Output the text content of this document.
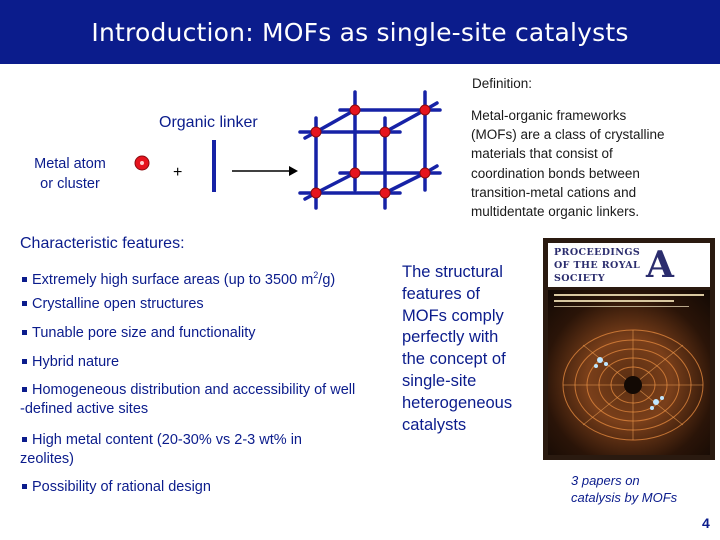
Introduction: MOFs as single-site catalysts
Definition:
Metal-organic frameworks
(MOFs) are a class of crystalline
materials that consist of
coordination bonds between
transition-metal cations and
multidentate organic linkers.
Organic linker
Metal atom
or cluster
+
Characteristic features:
Extremely high surface areas (up to 3500 $m^2/g$)
Crystalline open structures
Tunable pore size and functionality
Hybrid nature
Homogeneous distribution and accessibility of well
-defined active sites
High metal content (20-30% vs 2-3 wt% in
zeolites)
Possibility of rational design
The structural
features of
MOFs comply
perfectly with
the concept of
single-site
heterogeneous
catalysts
PROCEEDINGS
OF THE ROYAL
SOCIETY A
3 papers on
catalysis by MOFs
4
